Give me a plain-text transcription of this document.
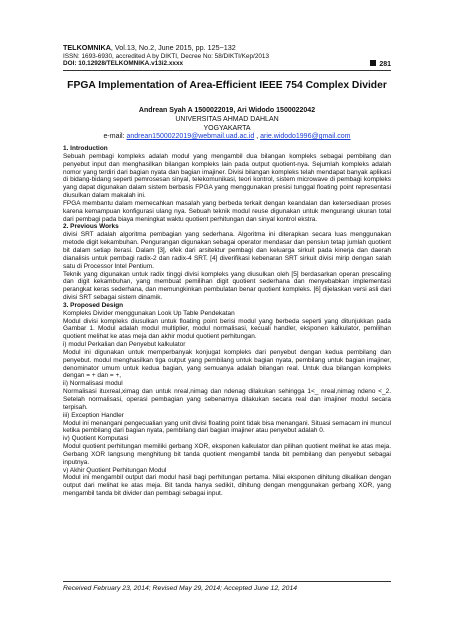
TELKOMNIKA, Vol.13, No.2, June 2015, pp. 125~132
ISSN: 1693-6930, accredited A by DIKTI, Decree No: 58/DIKTI/Kep/2013
DOI: 10.12928/TELKOMNIKA.v13i2.xxxx	281
FPGA Implementation of Area-Efficient IEEE 754 Complex Divider
Andrean Syah A 1500022019, Ari Widodo 1500022042
UNIVERSITAS AHMAD DAHLAN
YOGYAKARTA
e-mail: andrean1500022019@webmail.uad.ac.id , arie.widodo1996@gmail.com

1. Introduction

Sebuah pembagi kompleks adalah modul yang mengambil dua bilangan kompleks sebagai pembilang dan penyebut input dan menghasilkan bilangan kompleks lain pada output quotient-nya. Sejumlah kompleks adalah nomor yang terdiri dari bagian nyata dan bagian imajiner. Divisi bilangan kompleks telah mendapat banyak aplikasi di bidang-bidang seperti pemrosesan sinyal, telekomunikasi, teori kontrol, sistem microwave di pembagi kompleks yang dapat digunakan dalam sistem berbasis FPGA yang menggunakan presisi tunggal floating point representasi diusulkan dalam makalah ini.

FPGA membantu dalam memecahkan masalah yang berbeda terkait dengan keandalan dan ketersediaan proses karena kemampuan konfigurasi ulang nya. Sebuah teknik modul reuse digunakan untuk mengurangi ukuran total dari pembagi pada biaya meningkat waktu quotient perhitungan dan sinyal kontrol ekstra.

2. Previous Works

divisi SRT adalah algoritma pembagian yang sederhana. Algoritma ini diterapkan secara luas menggunakan metode digit kekambuhan. Pengurangan digunakan sebagai operator mendasar dan pensiun tetap jumlah quotient bit dalam setiap iterasi. Dalam [3], efek dari arsitektur pembagi dan keluarga sirkuit pada kinerja dan daerah dianalisis untuk pembagi radix-2 dan radix-4 SRT. [4] diverifikasi kebenaran SRT sirkuit divisi mirip dengan salah satu di Processor Intel Pentium.

Teknik yang digunakan untuk radix tinggi divisi kompleks yang diusulkan oleh [5] berdasarkan operan prescaling dan digit kekambuhan, yang membuat pemilihan digit quotient sederhana dan menyebabkan implementasi perangkat keras sederhana, dan memungkinkan pembulatan benar quotient kompleks. [6] dijelaskan versi asli dari divisi SRT sebagai sistem dinamik.

3. Proposed Design

Kompleks Divider menggunakan Look Up Table Pendekatan

Modul divisi kompleks diusulkan untuk floating point berisi modul yang berbeda seperti yang ditunjukkan pada Gambar 1. Modul adalah modul multiplier, modul normalisasi, kecuali handler, eksponen kalkulator, pemilihan quotient melihat ke atas meja dan akhir modul quotient perhitungan.

i) modul Perkalian dan Penyebut kalkulator

Modul ini digunakan untuk memperbanyak konjugat kompleks dari penyebut dengan kedua pembilang dan penyebut. modul menghasilkan tiga output yang pembilang untuk bagian nyata, pembilang untuk bagian imajiner, denominator umum untuk kedua bagian, yang semuanya adalah bilangan real. Untuk dua bilangan kompleks dengan = + dan = +,

ii) Normalisasi modul

Normalisasi ituxreal,ximag dan untuk nreal,nimag dan ndenag dilakukan sehingga 1<_ nreal,nimag ndeno <_2. Setelah normalisasi, operasi pembagian yang sebenarnya dilakukan secara real dan imajiner modul secara terpisah.

iii) Exception Handler

Modul ini menangani pengecualian yang unit divisi floating point tidak bisa menangani. Situasi semacam ini muncul ketika pembilang dari bagian nyata, pembilang dari bagian imajiner atau penyebut adalah 0.

iv) Quotient Komputasi

Modul quotient perhitungan memiliki gerbang XOR, eksponen kalkulator dan pilihan quotient melihat ke atas meja. Gerbang XOR langsung menghitung bit tanda quotient mengambil tanda bit pembilang dan penyebut sebagai inputnya.

v) Akhir Quotient Perhitungan Modul

Modul ini mengambil output dari modul hasil bagi perhitungan pertama. Nilai eksponen dihitung dikalikan dengan output dari melihat ke atas meja. Bit tanda hanya sedikit, dihitung dengan menggunakan gerbang XOR, yang mengambil tanda bit divider dan pembagi sebagai input.

Received February 23, 2014; Revised May 29, 2014; Accepted June 12, 2014
